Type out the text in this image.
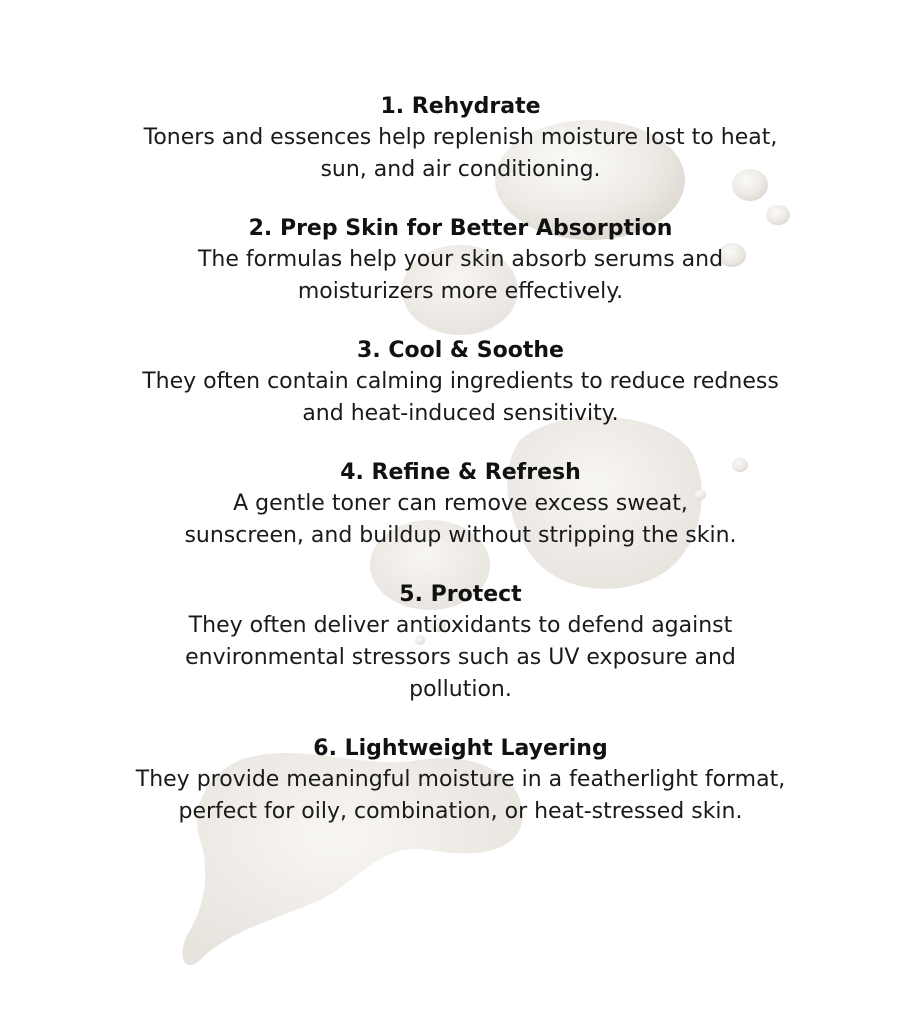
1. Rehydrate

Toners and essences help replenish moisture lost to heat, sun, and air conditioning.

2. Prep Skin for Better Absorption

The formulas help your skin absorb serums and moisturizers more effectively.

3. Cool & Soothe

They often contain calming ingredients to reduce redness and heat-induced sensitivity.

4. Refine & Refresh

A gentle toner can remove excess sweat, sunscreen, and buildup without stripping the skin.

5. Protect

They often deliver antioxidants to defend against environmental stressors such as UV exposure and pollution.

6. Lightweight Layering

They provide meaningful moisture in a featherlight format, perfect for oily, combination, or heat-stressed skin.
